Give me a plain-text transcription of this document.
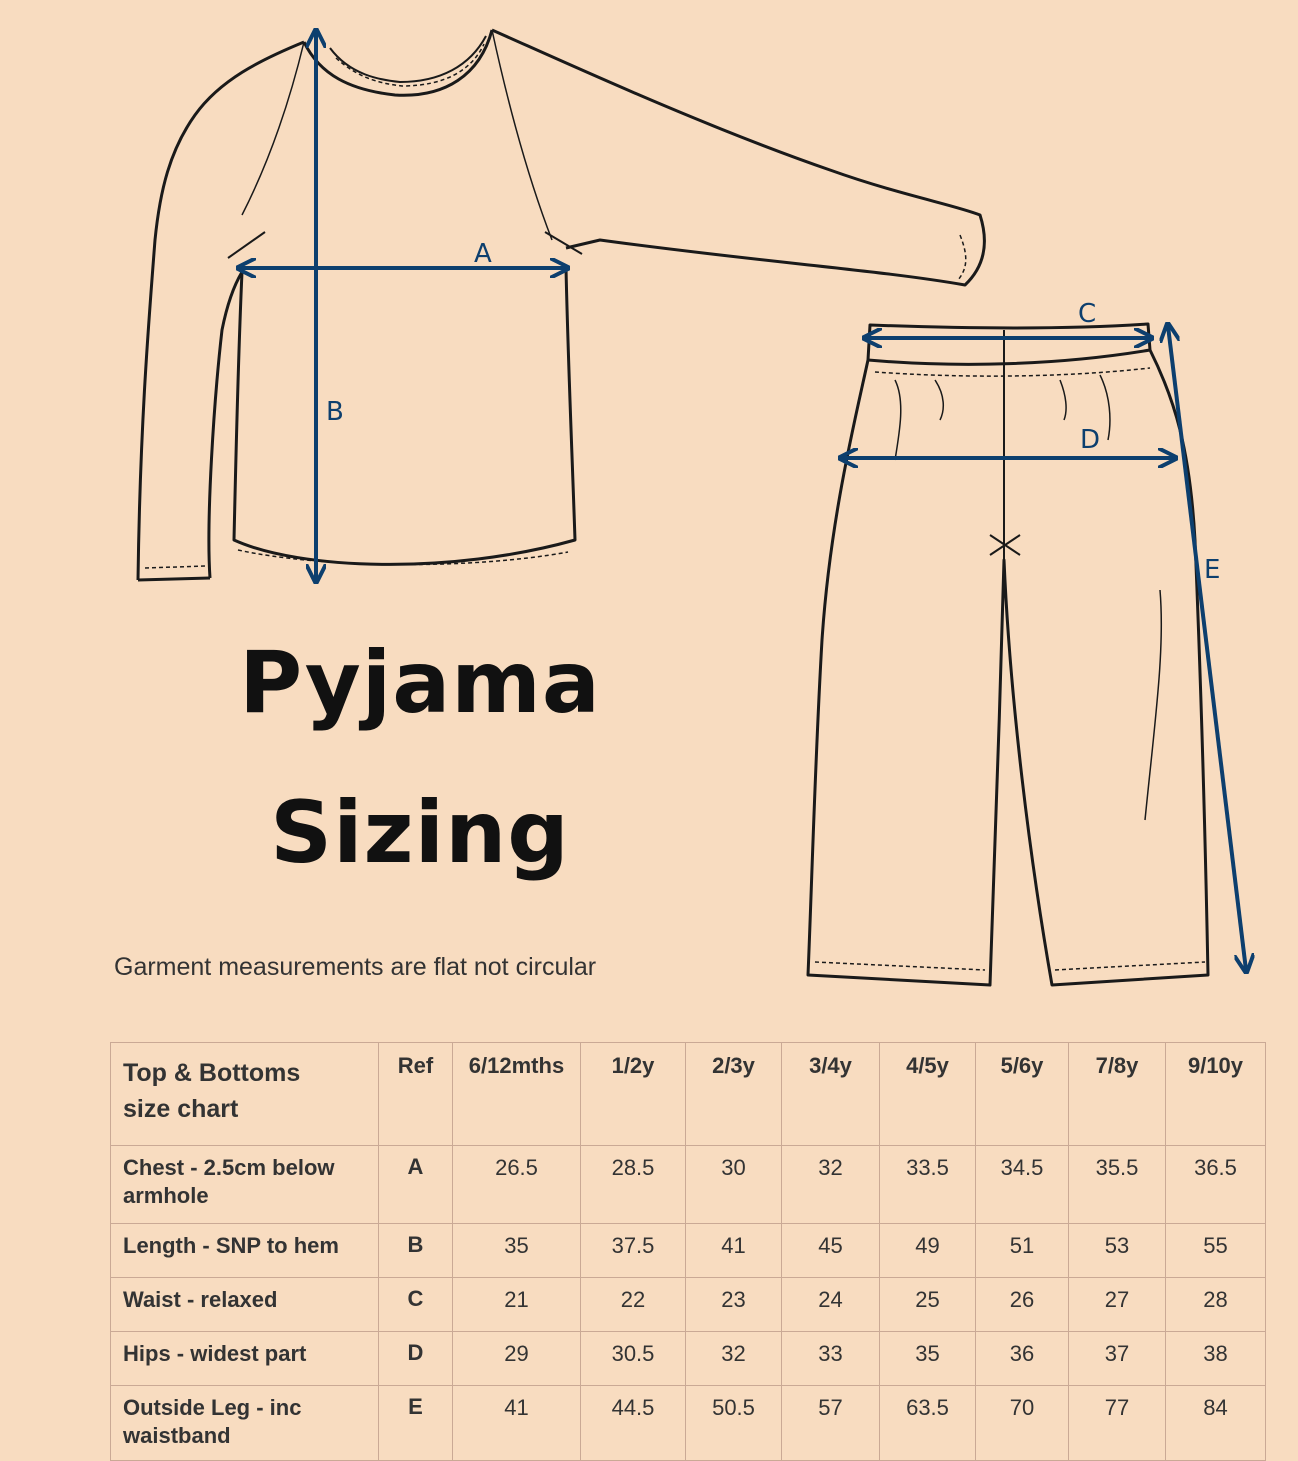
A
B
C
D
E
Pyjama
Sizing

Garment measurements are flat not circular

Top & Bottoms
size chart	Ref	6/12mths	1/2y	2/3y	3/4y	4/5y	5/6y	7/8y	9/10y

Chest - 2.5cm below
armhole	A	26.5	28.5	30	32	33.5	34.5	35.5	36.5

Length - SNP to hem	B	35	37.5	41	45	49	51	53	55

Waist - relaxed	C	21	22	23	24	25	26	27	28

Hips - widest part	D	29	30.5	32	33	35	36	37	38

Outside Leg - inc
waistband	E	41	44.5	50.5	57	63.5	70	77	84
